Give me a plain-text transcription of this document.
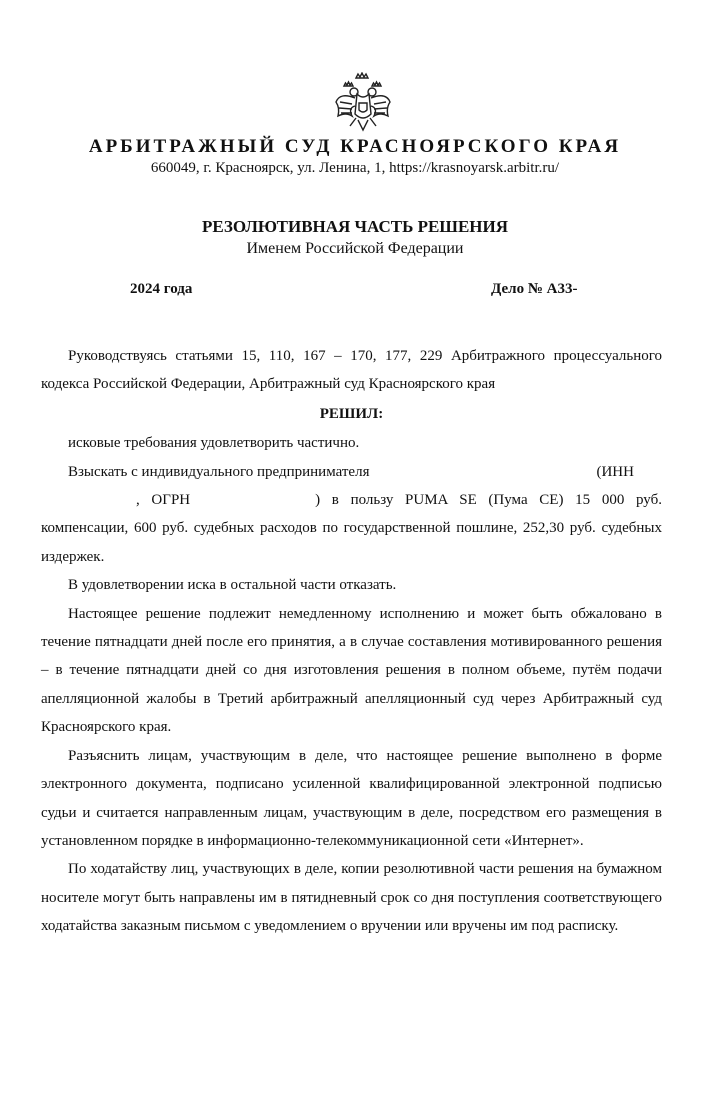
АРБИТРАЖНЫЙ СУД КРАСНОЯРСКОГО КРАЯ
660049, г. Красноярск, ул. Ленина, 1, https://krasnoyarsk.arbitr.ru/
РЕЗОЛЮТИВНАЯ ЧАСТЬ РЕШЕНИЯ
Именем Российской Федерации
2024 года	Дело № А33-

Руководствуясь статьями 15, 110, 167 – 170, 177, 229 Арбитражного процессуального кодекса Российской Федерации, Арбитражный суд Красноярского края

РЕШИЛ:

исковые требования удовлетворить частично.

Взыскать с индивидуального предпринимателя	(ИНН
, ОГРН	) в пользу PUMA SE (Пума СЕ) 15 000 руб. компенсации, 600 руб. судебных расходов по государственной пошлине, 252,30 руб. судебных издержек.

В удовлетворении иска в остальной части отказать.

Настоящее решение подлежит немедленному исполнению и может быть обжаловано в течение пятнадцати дней после его принятия, а в случае составления мотивированного решения – в течение пятнадцати дней со дня изготовления решения в полном объеме, путём подачи апелляционной жалобы в Третий арбитражный апелляционный суд через Арбитражный суд Красноярского края.

Разъяснить лицам, участвующим в деле, что настоящее решение выполнено в форме электронного документа, подписано усиленной квалифицированной электронной подписью судьи и считается направленным лицам, участвующим в деле, посредством его размещения в установленном порядке в информационно-телекоммуникационной сети «Интернет».

По ходатайству лиц, участвующих в деле, копии резолютивной части решения на бумажном носителе могут быть направлены им в пятидневный срок со дня поступления соответствующего ходатайства заказным письмом с уведомлением о вручении или вручены им под расписку.
